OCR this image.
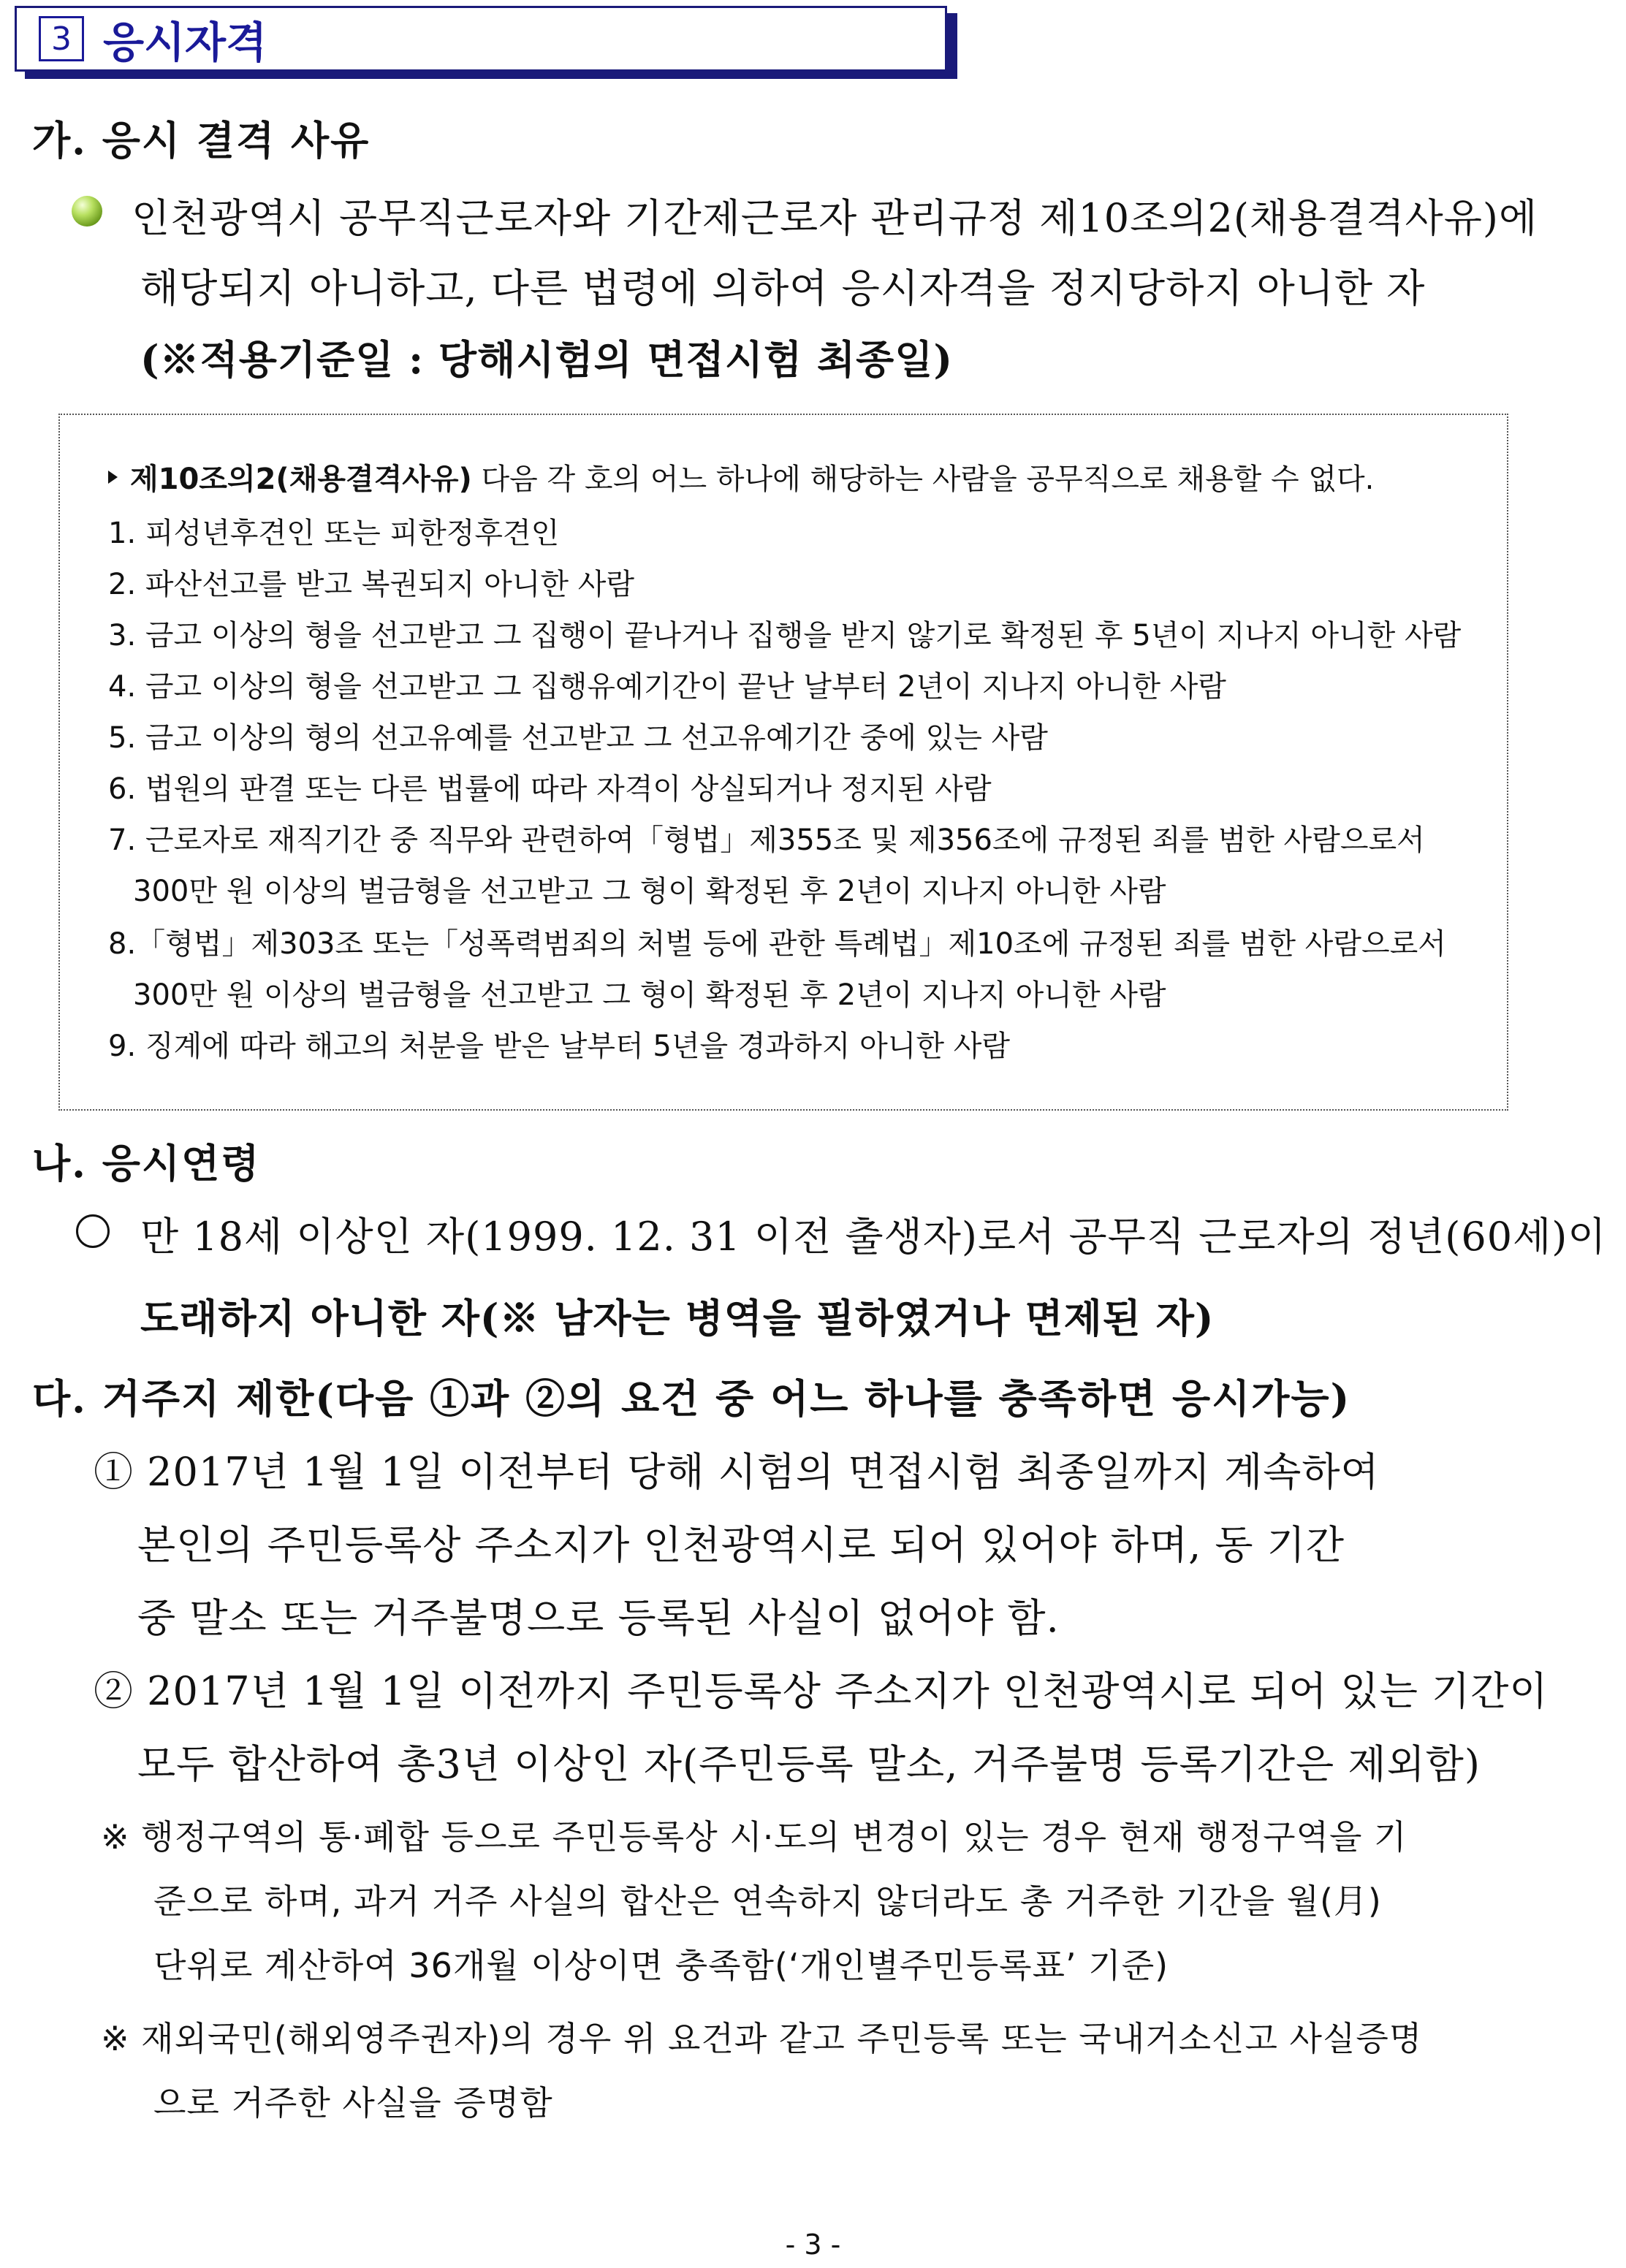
3 응시자격
가. 응시 결격 사유
인천광역시 공무직근로자와 기간제근로자 관리규정 제10조의2(채용결격사유)에
해당되지 아니하고, 다른 법령에 의하여 응시자격을 정지당하지 아니한 자
(※적용기준일 : 당해시험의 면접시험 최종일)
제10조의2(채용결격사유) 다음 각 호의 어느 하나에 해당하는 사람을 공무직으로 채용할 수 없다.
1. 피성년후견인 또는 피한정후견인
2. 파산선고를 받고 복권되지 아니한 사람
3. 금고 이상의 형을 선고받고 그 집행이 끝나거나 집행을 받지 않기로 확정된 후 5년이 지나지 아니한 사람
4. 금고 이상의 형을 선고받고 그 집행유예기간이 끝난 날부터 2년이 지나지 아니한 사람
5. 금고 이상의 형의 선고유예를 선고받고 그 선고유예기간 중에 있는 사람
6. 법원의 판결 또는 다른 법률에 따라 자격이 상실되거나 정지된 사람
7. 근로자로 재직기간 중 직무와 관련하여「형법」제355조 및 제356조에 규정된 죄를 범한 사람으로서
300만 원 이상의 벌금형을 선고받고 그 형이 확정된 후 2년이 지나지 아니한 사람
8.「형법」제303조 또는「성폭력범죄의 처벌 등에 관한 특례법」제10조에 규정된 죄를 범한 사람으로서
300만 원 이상의 벌금형을 선고받고 그 형이 확정된 후 2년이 지나지 아니한 사람
9. 징계에 따라 해고의 처분을 받은 날부터 5년을 경과하지 아니한 사람
나. 응시연령
만 18세 이상인 자(1999. 12. 31 이전 출생자)로서 공무직 근로자의 정년(60세)이
도래하지 아니한 자(※ 남자는 병역을 필하였거나 면제된 자)
다. 거주지 제한(다음 ①과 ②의 요건 중 어느 하나를 충족하면 응시가능)
① 2017년 1월 1일 이전부터 당해 시험의 면접시험 최종일까지 계속하여
본인의 주민등록상 주소지가 인천광역시로 되어 있어야 하며, 동 기간
중 말소 또는 거주불명으로 등록된 사실이 없어야 함.
② 2017년 1월 1일 이전까지 주민등록상 주소지가 인천광역시로 되어 있는 기간이
모두 합산하여 총3년 이상인 자(주민등록 말소, 거주불명 등록기간은 제외함)
※ 행정구역의 통·폐합 등으로 주민등록상 시·도의 변경이 있는 경우 현재 행정구역을 기
준으로 하며, 과거 거주 사실의 합산은 연속하지 않더라도 총 거주한 기간을 월(月)
단위로 계산하여 36개월 이상이면 충족함(‘개인별주민등록표’ 기준)
※ 재외국민(해외영주권자)의 경우 위 요건과 같고 주민등록 또는 국내거소신고 사실증명
으로 거주한 사실을 증명함
- 3 -
